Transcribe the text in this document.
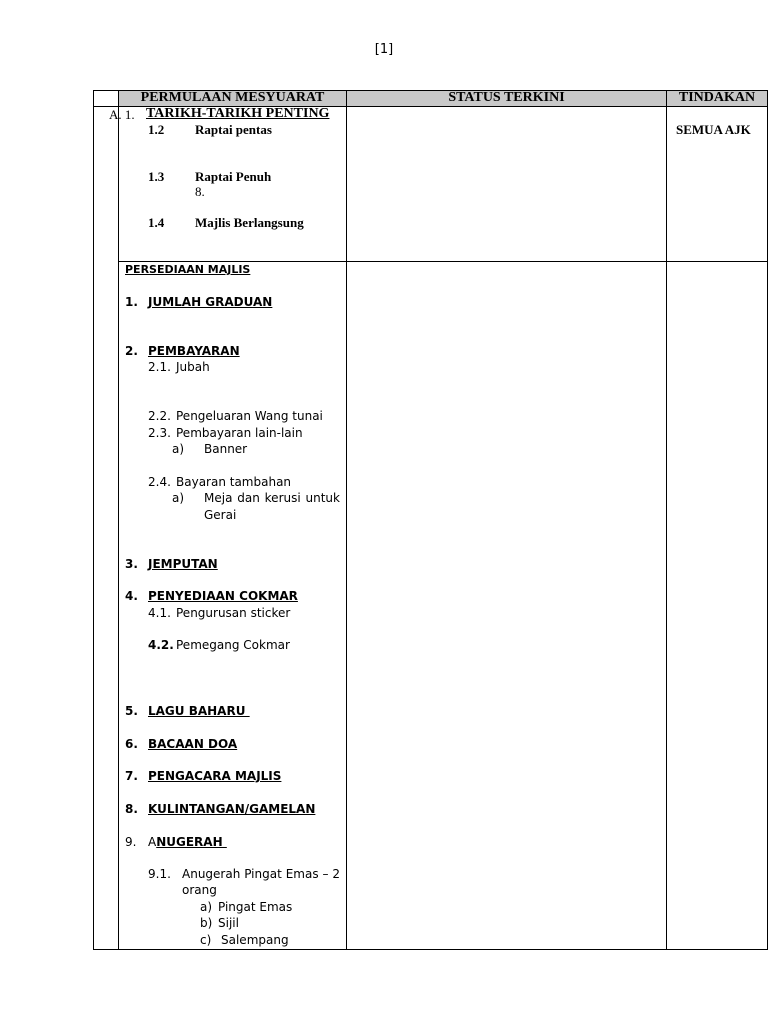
[1]
PERMULAAN MESYUARAT	STATUS TERKINI	TINDAKAN
A. 1. TARIKH-TARIKH PENTING
1.2 Raptai pentas
1.3 Raptai Penuh
8.
1.4 Majlis Berlangsung
SEMUA AJK
PERSEDIAAN MAJLIS
1. JUMLAH GRADUAN
2. PEMBAYARAN
2.1. Jubah
2.2. Pengeluaran Wang tunai
2.3. Pembayaran lain-lain
a) Banner
2.4. Bayaran tambahan
a) Meja dan kerusi untuk
Gerai
3. JEMPUTAN
4. PENYEDIAAN COKMAR
4.1. Pengurusan sticker
4.2. Pemegang Cokmar
5. LAGU BAHARU
6. BACAAN DOA
7. PENGACARA MAJLIS
8. KULINTANGAN/GAMELAN
9. ANUGERAH
9.1. Anugerah Pingat Emas – 2
orang
a) Pingat Emas
b) Sijil
c) Salempang
